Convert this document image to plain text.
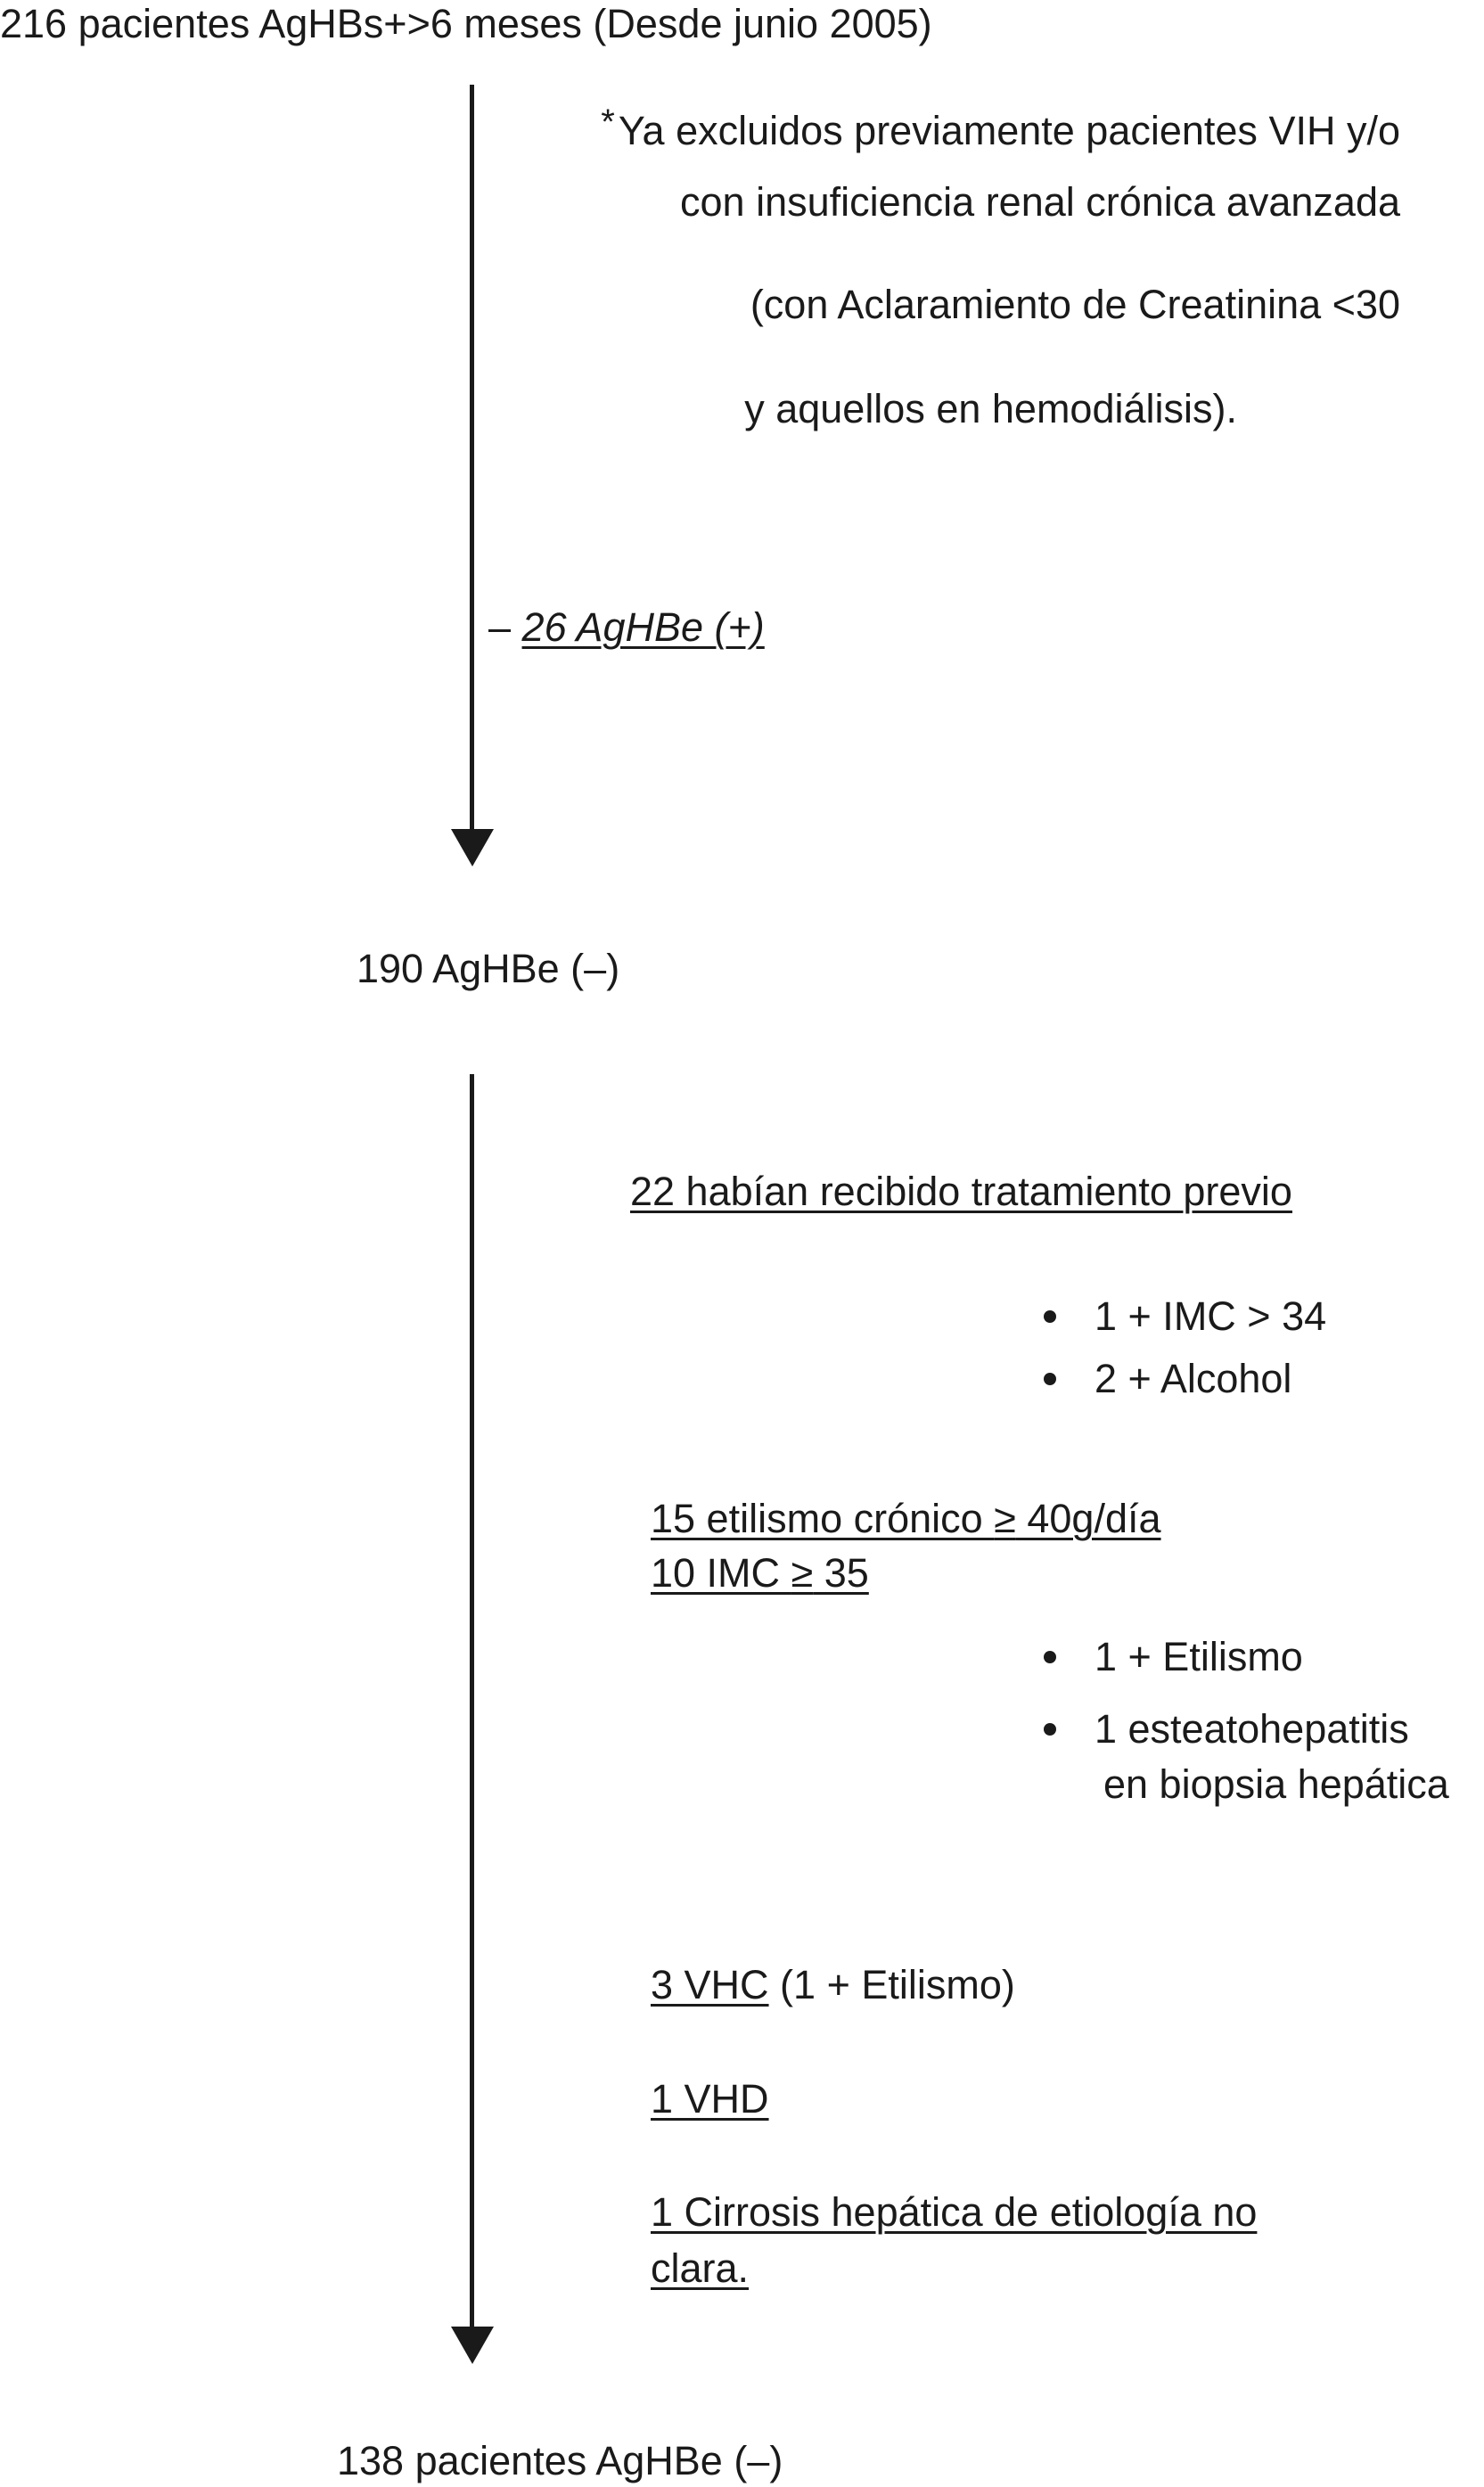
216 pacientes AgHBs+>6 meses (Desde junio 2005)
*Ya excluidos previamente pacientes VIH y/o
con insuficiencia renal crónica avanzada
(con Aclaramiento de Creatinina <30
y aquellos en hemodiálisis).
– 26 AgHBe (+)
190 AgHBe (–)
22 habían recibido tratamiento previo
1 + IMC > 34
2 + Alcohol
15 etilismo crónico ≥ 40g/día
10 IMC ≥ 35
1 + Etilismo
1 esteatohepatitis
en biopsia hepática
3 VHC (1 + Etilismo)
1 VHD
1 Cirrosis hepática de etiología no
clara.
138 pacientes AgHBe (–)
